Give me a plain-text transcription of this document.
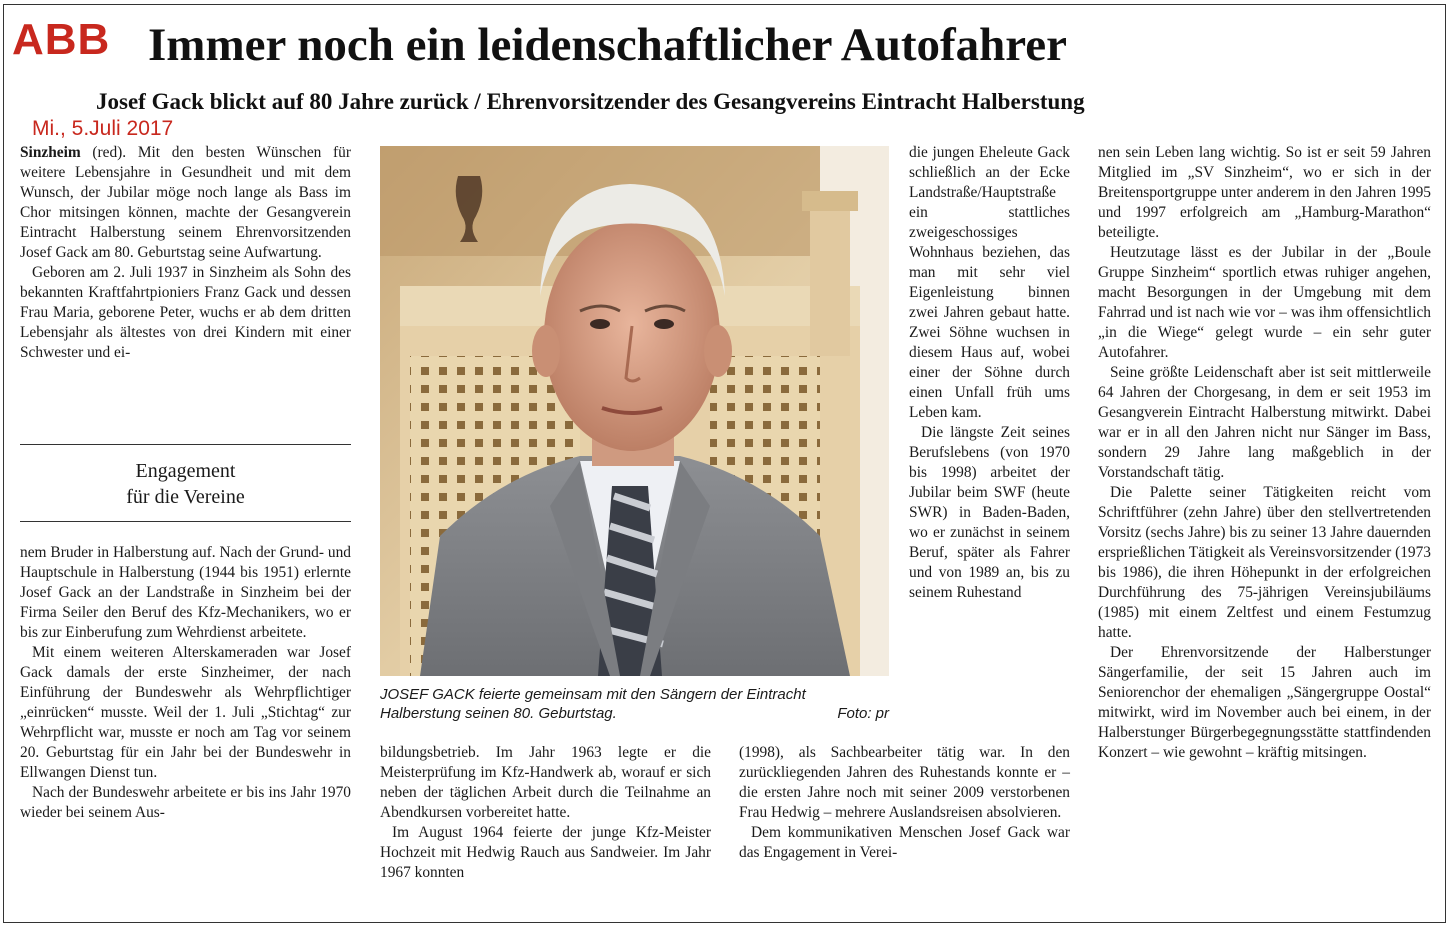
ABB Immer noch ein leidenschaftlicher Autofahrer
Josef Gack blickt auf 80 Jahre zurück / Ehrenvorsitzender des Gesangvereins Eintracht Halberstung
Mi., 5.Juli 2017

Sinzheim (red). Mit den besten Wünschen für weitere Lebensjahre in Gesundheit und mit dem Wunsch, der Jubilar möge noch lange als Bass im Chor mitsingen können, machte der Gesangverein Eintracht Halberstung seinem Ehrenvorsitzenden Josef Gack am 80. Geburtstag seine Aufwartung.

Geboren am 2. Juli 1937 in Sinzheim als Sohn des bekannten Kraftfahrtpioniers Franz Gack und dessen Frau Maria, geborene Peter, wuchs er ab dem dritten Lebensjahr als ältestes von drei Kindern mit einer Schwester und ei-

Engagement
für die Vereine

nem Bruder in Halberstung auf. Nach der Grund- und Hauptschule in Halberstung (1944 bis 1951) erlernte Josef Gack an der Landstraße in Sinzheim bei der Firma Seiler den Beruf des Kfz-Mechanikers, wo er bis zur Einberufung zum Wehrdienst arbeitete.

Mit einem weiteren Alterskameraden war Josef Gack damals der erste Sinzheimer, der nach Einführung der Bundeswehr als Wehrpflichtiger „einrücken“ musste. Weil der 1. Juli „Stichtag“ zur Wehrpflicht war, musste er noch am Tag vor seinem 20. Geburtstag für ein Jahr bei der Bundeswehr in Ellwangen Dienst tun.

Nach der Bundeswehr arbeitete er bis ins Jahr 1970 wieder bei seinem Aus-

JOSEF GACK feierte gemeinsam mit den Sängern der Eintracht Halberstung seinen 80. Geburtstag.	Foto: pr

bildungsbetrieb. Im Jahr 1963 legte er die Meisterprüfung im Kfz-Handwerk ab, worauf er sich neben der täglichen Arbeit durch die Teilnahme an Abendkursen vorbereitet hatte.

Im August 1964 feierte der junge Kfz-Meister Hochzeit mit Hedwig Rauch aus Sandweier. Im Jahr 1967 konnten

die jungen Eheleute Gack schließlich an der Ecke Landstraße/Hauptstraße ein stattliches zweigeschossiges Wohnhaus beziehen, das man mit sehr viel Eigenleistung binnen zwei Jahren gebaut hatte. Zwei Söhne wuchsen in diesem Haus auf, wobei einer der Söhne durch einen Unfall früh ums Leben kam.

Die längste Zeit seines Berufslebens (von 1970 bis 1998) arbeitet der Jubilar beim SWF (heute SWR) in Baden-Baden, wo er zunächst in seinem Beruf, später als Fahrer und von 1989 an, bis zu seinem Ruhestand

(1998), als Sachbearbeiter tätig war. In den zurückliegenden Jahren des Ruhestands konnte er – die ersten Jahre noch mit seiner 2009 verstorbenen Frau Hedwig – mehrere Auslandsreisen absolvieren.

Dem kommunikativen Menschen Josef Gack war das Engagement in Verei-

nen sein Leben lang wichtig. So ist er seit 59 Jahren Mitglied im „SV Sinzheim“, wo er sich in der Breitensportgruppe unter anderem in den Jahren 1995 und 1997 erfolgreich am „Hamburg-Marathon“ beteiligte.

Heutzutage lässt es der Jubilar in der „Boule Gruppe Sinzheim“ sportlich etwas ruhiger angehen, macht Besorgungen in der Umgebung mit dem Fahrrad und ist nach wie vor – was ihm offensichtlich „in die Wiege“ gelegt wurde – ein sehr guter Autofahrer.

Seine größte Leidenschaft aber ist seit mittlerweile 64 Jahren der Chorgesang, in dem er seit 1953 im Gesangverein Eintracht Halberstung mitwirkt. Dabei war er in all den Jahren nicht nur Sänger im Bass, sondern 29 Jahre lang maßgeblich in der Vorstandschaft tätig.

Die Palette seiner Tätigkeiten reicht vom Schriftführer (zehn Jahre) über den stellvertretenden Vorsitz (sechs Jahre) bis zu seiner 13 Jahre dauernden ersprießlichen Tätigkeit als Vereinsvorsitzender (1973 bis 1986), die ihren Höhepunkt in der erfolgreichen Durchführung des 75-jährigen Vereinsjubiläums (1985) mit einem Zeltfest und einem Festumzug hatte.

Der Ehrenvorsitzende der Halberstunger Sängerfamilie, der seit 15 Jahren auch im Seniorenchor der ehemaligen „Sängergruppe Oostal“ mitwirkt, wird im November auch bei einem, in der Halberstunger Bürgerbegegnungsstätte stattfindenden Konzert – wie gewohnt – kräftig mitsingen.
